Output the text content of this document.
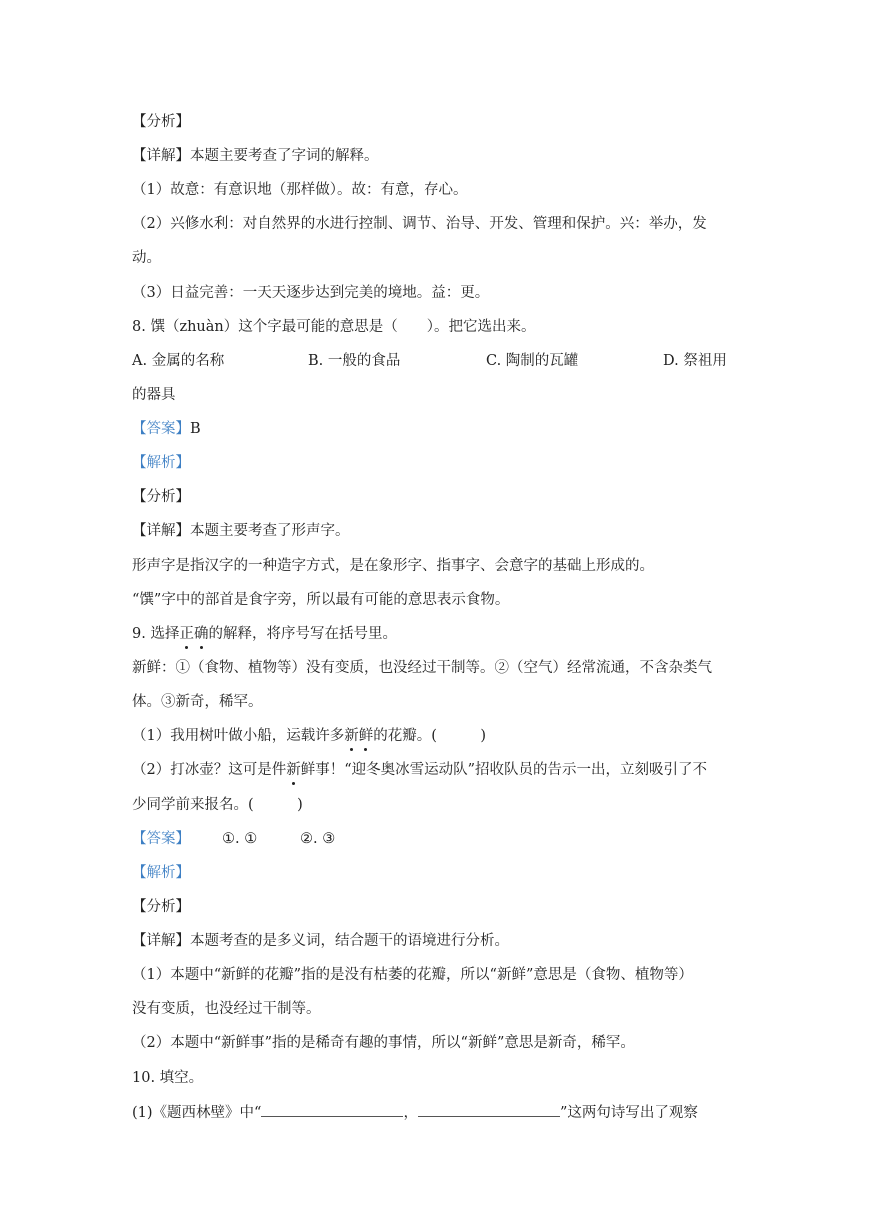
【分析】
【详解】本题主要考查了字词的解释。
（1）故意：有意识地（那样做）。故：有意，存心。
（2）兴修水利：对自然界的水进行控制、调节、治导、开发、管理和保护。兴：举办，发
动。
（3）日益完善：一天天逐步达到完美的境地。益：更。
8. 馔（zhuàn）这个字最可能的意思是（　　）。把它选出来。
A. 金属的名称	B. 一般的食品	C. 陶制的瓦罐	D. 祭祖用
的器具
【答案】B
【解析】
【分析】
【详解】本题主要考查了形声字。
形声字是指汉字的一种造字方式，是在象形字、指事字、会意字的基础上形成的。
“馔”字中的部首是食字旁，所以最有可能的意思表示食物。
9. 选择正确的解释，将序号写在括号里。
新鲜：①（食物、植物等）没有变质，也没经过干制等。②（空气）经常流通，不含杂类气
体。③新奇，稀罕。
（1）我用树叶做小船，运载许多新鲜的花瓣。(　　　)
（2）打冰壶？这可是件新鲜事！“迎冬奥冰雪运动队”招收队员的告示一出，立刻吸引了不
少同学前来报名。(　　　)
【答案】 ①. ①	②. ③
【解析】
【分析】
【详解】本题考查的是多义词，结合题干的语境进行分析。
（1）本题中“新鲜的花瓣”指的是没有枯萎的花瓣，所以“新鲜”意思是（食物、植物等）
没有变质，也没经过干制等。
（2）本题中“新鲜事”指的是稀奇有趣的事情，所以“新鲜”意思是新奇，稀罕。
10. 填空。
(1)《题西林壁》中“	，	”这两句诗写出了观察
